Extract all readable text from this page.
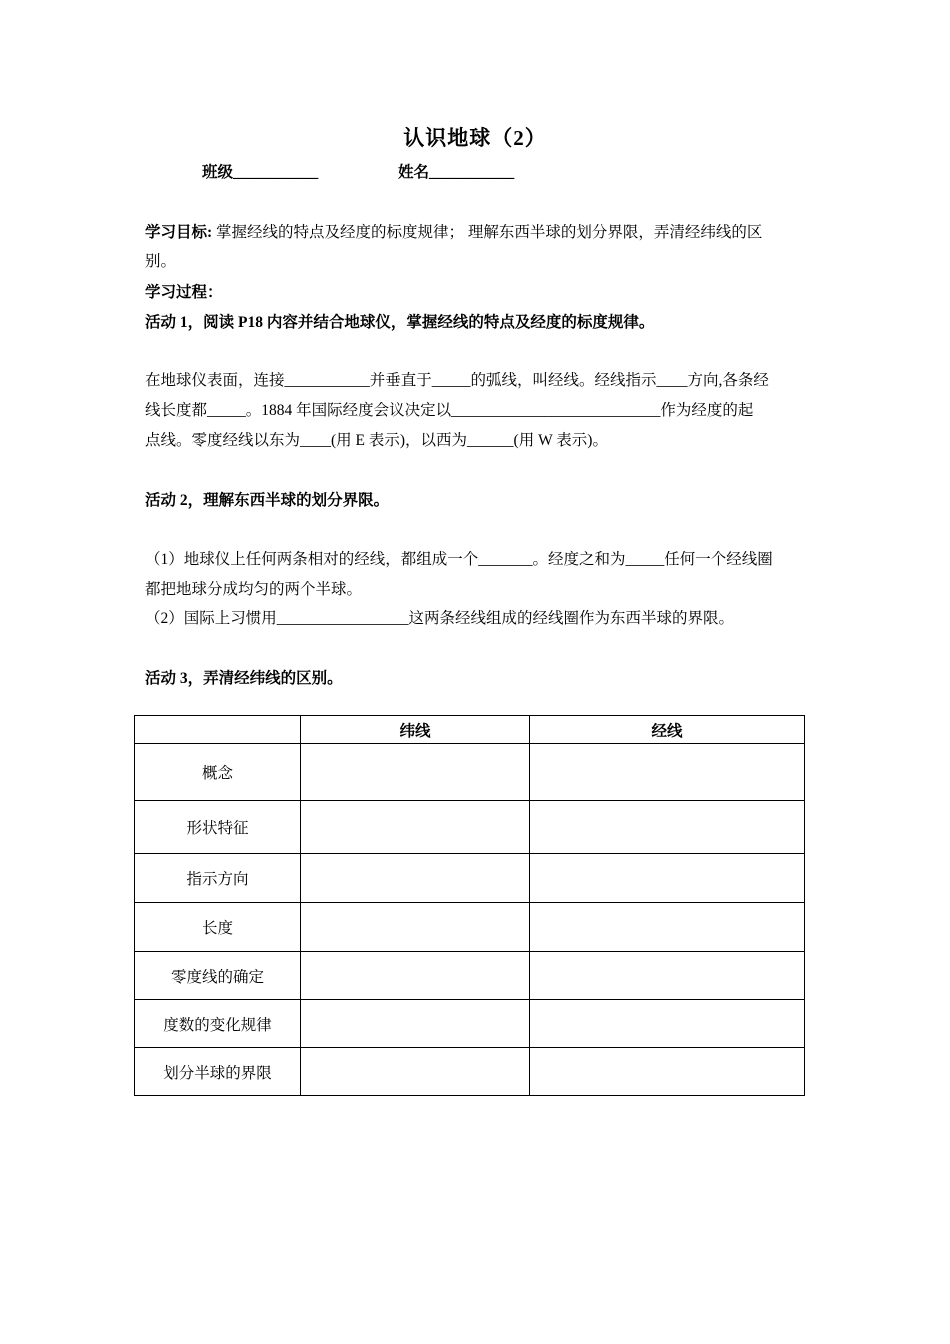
认识地球（2）
班级___________	姓名___________
学习目标: 掌握经线的特点及经度的标度规律； 理解东西半球的划分界限，弄清经纬线的区
别。
学习过程：
活动 1，阅读 P18 内容并结合地球仪，掌握经线的特点及经度的标度规律。
在地球仪表面，连接___________并垂直于_____的弧线，叫经线。经线指示____方向,各条经
线长度都_____。1884 年国际经度会议决定以___________________________作为经度的起
点线。零度经线以东为____(用 E 表示)，以西为______(用 W 表示)。
活动 2，理解东西半球的划分界限。
（1）地球仪上任何两条相对的经线，都组成一个_______。经度之和为_____任何一个经线圈
都把地球分成均匀的两个半球。
（2）国际上习惯用_________________这两条经线组成的经线圈作为东西半球的界限。
活动 3，弄清经纬线的区别。
	纬线	经线
概念		
形状特征		
指示方向		
长度		
零度线的确定		
度数的变化规律		
划分半球的界限		
